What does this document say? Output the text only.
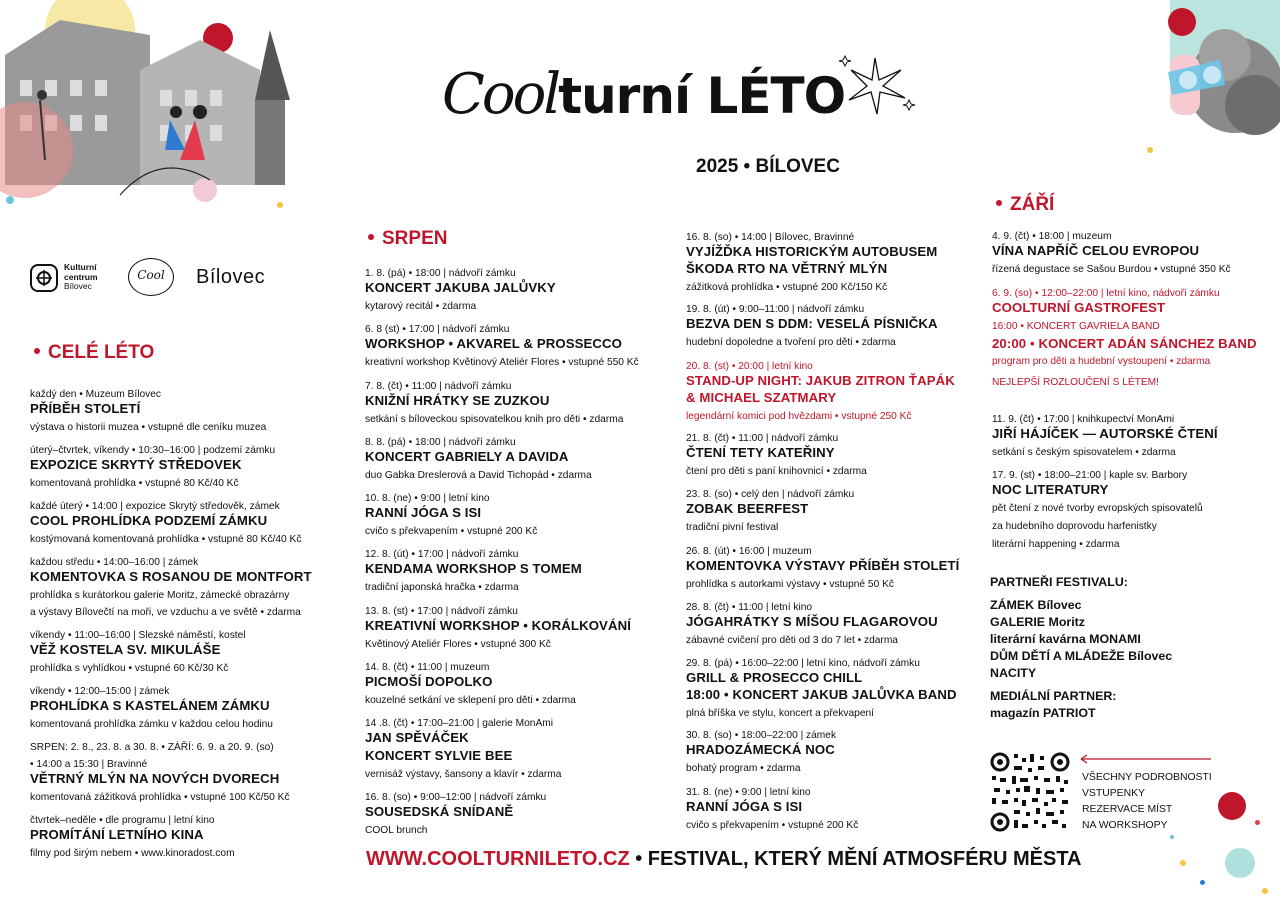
Coolturní LÉTO
2025 • BÍLOVEC
Kulturní
centrum
Bílovec
Cool	Bílovec
CELÉ LÉTO
SRPEN
ZÁŘÍ
každý den • Muzeum Bílovec
PŘÍBĚH STOLETÍ
výstava o historii muzea • vstupné dle ceníku muzea
úterý–čtvrtek, víkendy • 10:30–16:00 | podzemí zámku
EXPOZICE SKRYTÝ STŘEDOVEK
komentovaná prohlídka • vstupné 80 Kč/40 Kč
každé úterý • 14:00 | expozice Skrytý středověk, zámek
COOL PROHLÍDKA PODZEMÍ ZÁMKU
kostýmovaná komentovaná prohlídka • vstupné 80 Kč/40 Kč
každou středu • 14:00–16:00 | zámek
KOMENTOVKA S ROSANOU DE MONTFORT
prohlídka s kurátorkou galerie Moritz, zámecké obrazárny
a výstavy Bílovečtí na moři, ve vzduchu a ve světě • zdarma
víkendy • 11:00–16:00 | Slezské náměstí, kostel
VĚŽ KOSTELA SV. MIKULÁŠE
prohlídka s vyhlídkou • vstupné 60 Kč/30 Kč
víkendy • 12:00–15:00 | zámek
PROHLÍDKA S KASTELÁNEM ZÁMKU
komentovaná prohlídka zámku v každou celou hodinu
SRPEN: 2. 8., 23. 8. a 30. 8. • ZÁŘÍ: 6. 9. a 20. 9. (so)
• 14:00 a 15:30 | Bravinné
VĚTRNÝ MLÝN NA NOVÝCH DVORECH
komentovaná zážitková prohlídka • vstupné 100 Kč/50 Kč
čtvrtek–neděle • dle programu | letní kino
PROMÍTÁNÍ LETNÍHO KINA
filmy pod širým nebem • www.kinoradost.com
1. 8. (pá) • 18:00 | nádvoří zámku
KONCERT JAKUBA JALŮVKY
kytarový recitál • zdarma
6. 8 (st) • 17:00 | nádvoří zámku
WORKSHOP • AKVAREL & PROSSECCO
kreativní workshop Květinový Ateliér Flores • vstupné 550 Kč
7. 8. (čt) • 11:00 | nádvoří zámku
KNIŽNÍ HRÁTKY SE ZUZKOU
setkání s bíloveckou spisovatelkou knih pro děti • zdarma
8. 8. (pá) • 18:00 | nádvoří zámku
KONCERT GABRIELY A DAVIDA
duo Gabka Dreslerová a David Tichopád • zdarma
10. 8. (ne) • 9:00 | letní kino
RANNÍ JÓGA S ISI
cvičo s překvapením • vstupné 200 Kč
12. 8. (út) • 17:00 | nádvoří zámku
KENDAMA WORKSHOP S TOMEM
tradiční japonská hračka • zdarma
13. 8. (st) • 17:00 | nádvoří zámku
KREATIVNÍ WORKSHOP • KORÁLKOVÁNÍ
Květinový Ateliér Flores • vstupné 300 Kč
14. 8. (čt) • 11:00 | muzeum
PICMOŠÍ DOPOLKO
kouzelné setkání ve sklepení pro děti • zdarma
14 .8. (čt) • 17:00–21:00 | galerie MonAmi
JAN SPĚVÁČEK
KONCERT SYLVIE BEE
vernisáž výstavy, šansony a klavír • zdarma
16. 8. (so) • 9:00–12:00 | nádvoří zámku
SOUSEDSKÁ SNÍDANĚ
COOL brunch
16. 8. (so) • 14:00 | Bílovec, Bravinné
VYJÍŽĎKA HISTORICKÝM AUTOBUSEM
ŠKODA RTO NA VĚTRNÝ MLÝN
zážitková prohlídka • vstupné 200 Kč/150 Kč
19. 8. (út) • 9:00–11:00 | nádvoří zámku
BEZVA DEN S DDM: VESELÁ PÍSNIČKA
hudební dopoledne a tvoření pro děti • zdarma
20. 8. (st) • 20:00 | letní kino
STAND-UP NIGHT: JAKUB ZITRON ŤAPÁK
& MICHAEL SZATMARY
legendární komici pod hvězdami • vstupné 250 Kč
21. 8. (čt) • 11:00 | nádvoří zámku
ČTENÍ TETY KATEŘINY
čtení pro děti s paní knihovnicí • zdarma
23. 8. (so) • celý den | nádvoří zámku
ZOBAK BEERFEST
tradiční pivní festival
26. 8. (út) • 16:00 | muzeum
KOMENTOVKA VÝSTAVY PŘÍBĚH STOLETÍ
prohlídka s autorkami výstavy • vstupné 50 Kč
28. 8. (čt) • 11:00 | letní kino
JÓGAHRÁTKY S MÍŠOU FLAGAROVOU
zábavné cvičení pro děti od 3 do 7 let • zdarma
29. 8. (pá) • 16:00–22:00 | letní kino, nádvoří zámku
GRILL & PROSECCO CHILL
18:00 • KONCERT JAKUB JALŮVKA BAND
plná bříška ve stylu, koncert a překvapení
30. 8. (so) • 18:00–22:00 | zámek
HRADOZÁMECKÁ NOC
bohatý program • zdarma
31. 8. (ne) • 9:00 | letní kino
RANNÍ JÓGA S ISI
cvičo s překvapením • vstupné 200 Kč
4. 9. (čt) • 18:00 | muzeum
VÍNA NAPŘÍČ CELOU EVROPOU
řízená degustace se Sašou Burdou • vstupné 350 Kč
6. 9. (so) • 12:00–22:00 | letní kino, nádvoří zámku
COOLTURNÍ GASTROFEST
16:00 • KONCERT GAVRIELA BAND
20:00 • KONCERT ADÁN SÁNCHEZ BAND
program pro děti a hudební vystoupení • zdarma
NEJLEPŠÍ ROZLOUČENÍ S LÉTEM!
11. 9. (čt) • 17:00 | knihkupectví MonAmi
JIŘÍ HÁJÍČEK — AUTORSKÉ ČTENÍ
setkání s českým spisovatelem • zdarma
17. 9. (st) • 18:00–21:00 | kaple sv. Barbory
NOC LITERATURY
pět čtení z nové tvorby evropských spisovatelů
za hudebního doprovodu harfenistky
literární happening • zdarma
PARTNEŘI FESTIVALU:
ZÁMEK Bílovec
GALERIE Moritz
literární kavárna MONAMI
DŮM DĚTÍ A MLÁDEŽE Bílovec
NACITY
MEDIÁLNÍ PARTNER:
magazín PATRIOT
VŠECHNY PODROBNOSTI
VSTUPENKY
REZERVACE MÍST
NA WORKSHOPY
WWW.COOLTURNILETO.CZ • FESTIVAL, KTERÝ MĚNÍ ATMOSFÉRU MĚSTA
